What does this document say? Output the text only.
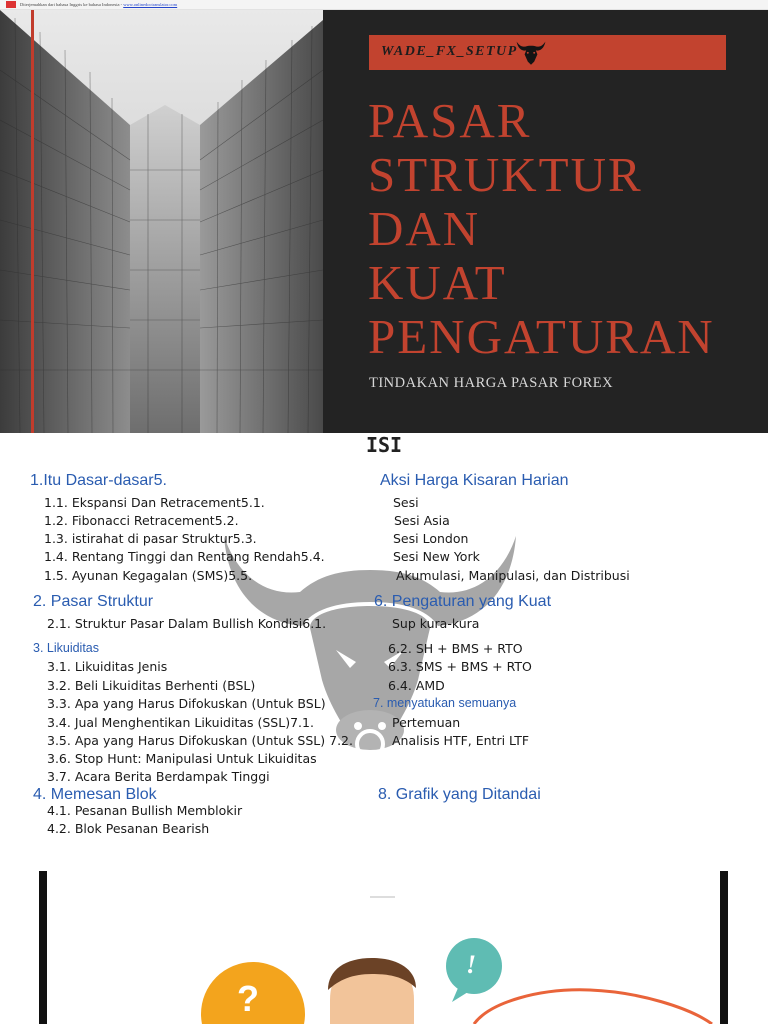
Diterjemahkan dari bahasa Inggris ke bahasa Indonesia - www.onlinedoctranslator.com
WADE_FX_SETUP
PASAR
STRUKTUR
DAN
KUAT
PENGATURAN
TINDAKAN HARGA PASAR FOREX
ISI
1.Itu Dasar-dasar5.
1.1. Ekspansi Dan Retracement5.1.
1.2. Fibonacci Retracement5.2.
1.3. istirahat di pasar Struktur5.3.
1.4. Rentang Tinggi dan Rentang Rendah5.4.
1.5. Ayunan Kegagalan (SMS)5.5.
2. Pasar Struktur
2.1. Struktur Pasar Dalam Bullish Kondisi6.1.
3. Likuiditas
3.1. Likuiditas Jenis
3.2. Beli Likuiditas Berhenti (BSL)
3.3. Apa yang Harus Difokuskan (Untuk BSL)
3.4. Jual Menghentikan Likuiditas (SSL)7.1.
3.5. Apa yang Harus Difokuskan (Untuk SSL) 7.2.
3.6. Stop Hunt: Manipulasi Untuk Likuiditas
3.7. Acara Berita Berdampak Tinggi
4. Memesan Blok
4.1. Pesanan Bullish Memblokir
4.2. Blok Pesanan Bearish
Aksi Harga Kisaran Harian
Sesi
Sesi Asia
Sesi London
Sesi New York
Akumulasi, Manipulasi, dan Distribusi
6. Pengaturan yang Kuat
Sup kura-kura
6.2. SH + BMS + RTO
6.3. SMS + BMS + RTO
6.4. AMD
7. menyatukan semuanya
Pertemuan
Analisis HTF, Entri LTF
8. Grafik yang Ditandai
?
!
